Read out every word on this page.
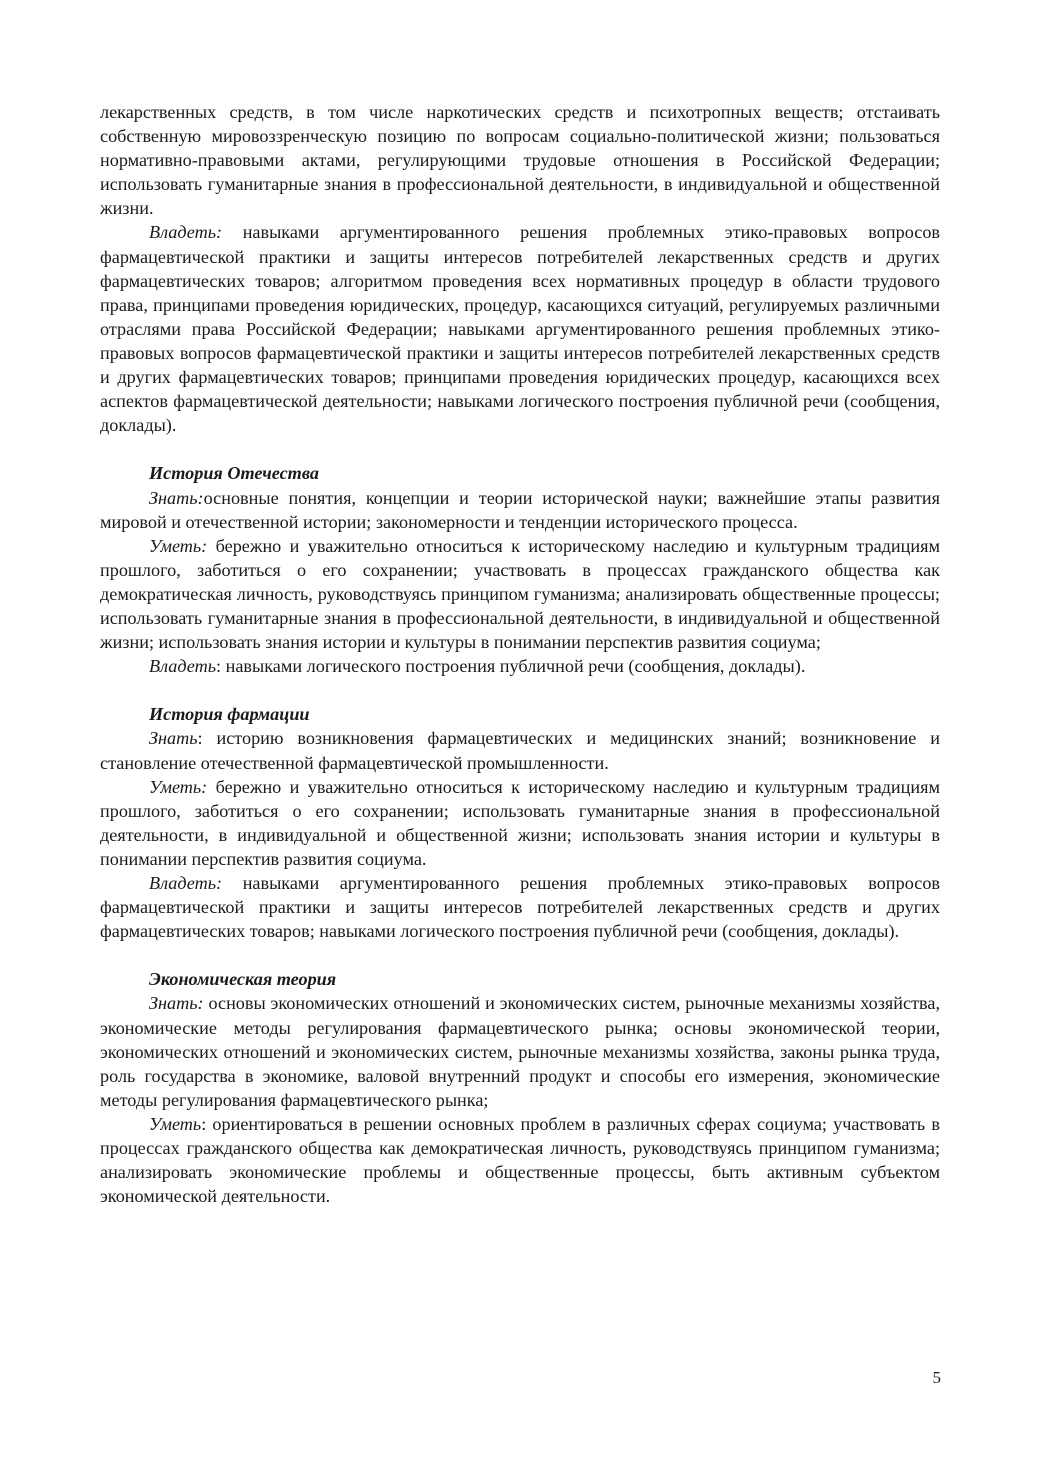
лекарственных средств, в том числе наркотических средств и психотропных веществ; отстаивать собственную мировоззренческую позицию по вопросам социально-политической жизни; пользоваться нормативно-правовыми актами, регулирующими трудовые отношения в Российской Федерации; использовать гуманитарные знания в профессиональной деятельности, в индивидуальной и общественной жизни.

Владеть: навыками аргументированного решения проблемных этико-правовых вопросов фармацевтической практики и защиты интересов потребителей лекарственных средств и других фармацевтических товаров; алгоритмом проведения всех нормативных процедур в области трудового права, принципами проведения юридических, процедур, касающихся ситуаций, регулируемых различными отраслями права Российской Федерации; навыками аргументированного решения проблемных этико-правовых вопросов фармацевтической практики и защиты интересов потребителей лекарственных средств и других фармацевтических товаров; принципами проведения юридических процедур, касающихся всех аспектов фармацевтической деятельности; навыками логического построения публичной речи (сообщения, доклады).

История Отечества

Знать:основные понятия, концепции и теории исторической науки; важнейшие этапы развития мировой и отечественной истории; закономерности и тенденции исторического процесса.

Уметь: бережно и уважительно относиться к историческому наследию и культурным традициям прошлого, заботиться о его сохранении; участвовать в процессах гражданского общества как демократическая личность, руководствуясь принципом гуманизма; анализировать общественные процессы; использовать гуманитарные знания в профессиональной деятельности, в индивидуальной и общественной жизни; использовать знания истории и культуры в понимании перспектив развития социума;

Владеть: навыками логического построения публичной речи (сообщения, доклады).

История фармации

Знать: историю возникновения фармацевтических и медицинских знаний; возникновение и становление отечественной фармацевтической промышленности.

Уметь: бережно и уважительно относиться к историческому наследию и культурным традициям прошлого, заботиться о его сохранении; использовать гуманитарные знания в профессиональной деятельности, в индивидуальной и общественной жизни; использовать знания истории и культуры в понимании перспектив развития социума.

Владеть: навыками аргументированного решения проблемных этико-правовых вопросов фармацевтической практики и защиты интересов потребителей лекарственных средств и других фармацевтических товаров; навыками логического построения публичной речи (сообщения, доклады).

Экономическая теория

Знать: основы экономических отношений и экономических систем, рыночные механизмы хозяйства, экономические методы регулирования фармацевтического рынка; основы экономической теории, экономических отношений и экономических систем, рыночные механизмы хозяйства, законы рынка труда, роль государства в экономике, валовой внутренний продукт и способы его измерения, экономические методы регулирования фармацевтического рынка;

Уметь: ориентироваться в решении основных проблем в различных сферах социума; участвовать в процессах гражданского общества как демократическая личность, руководствуясь принципом гуманизма; анализировать экономические проблемы и общественные процессы, быть активным субъектом экономической деятельности.

5
